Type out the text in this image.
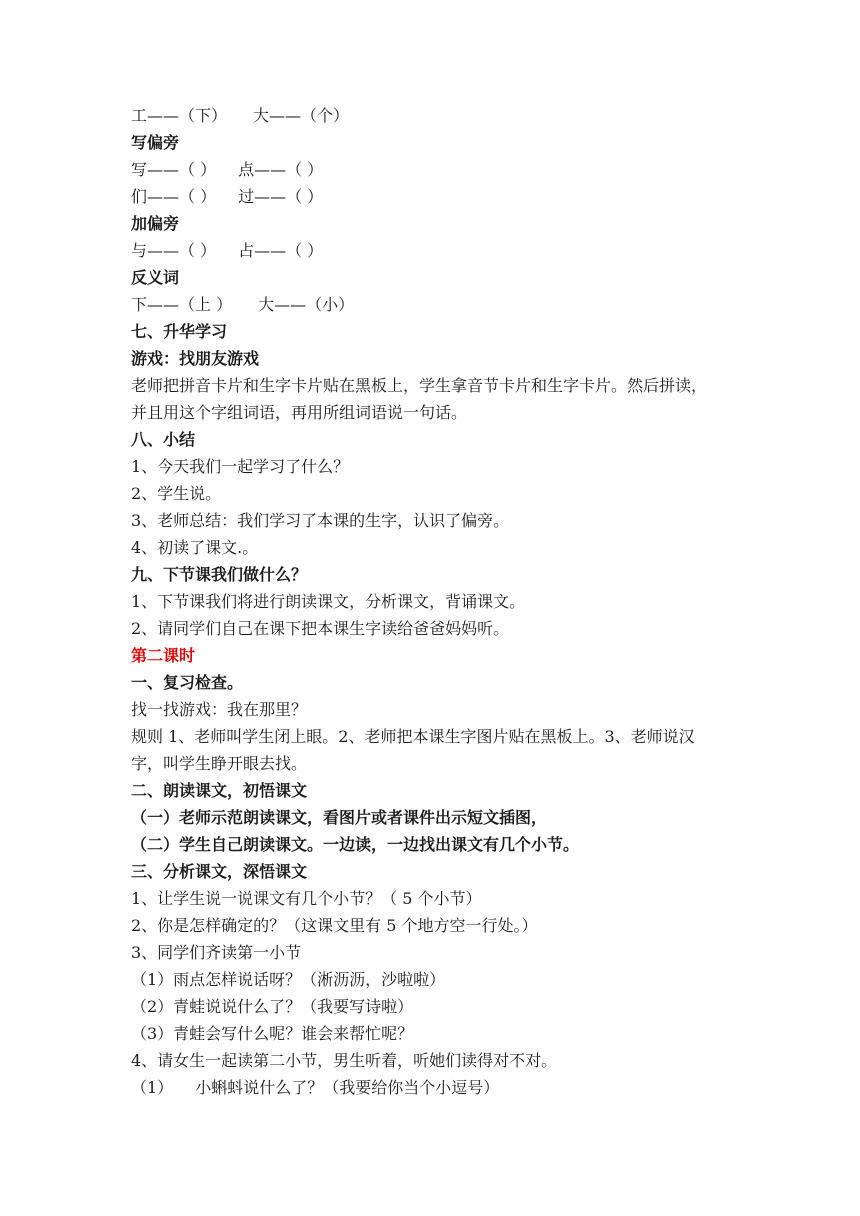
工——（下） 大——（个）
写偏旁
写——（ ） 点——（ ）
们——（ ） 过——（ ）
加偏旁
与——（ ） 占——（ ）
反义词
下——（上 ） 大——（小）
七、升华学习
游戏：找朋友游戏
老师把拼音卡片和生字卡片贴在黑板上，学生拿音节卡片和生字卡片。然后拼读，
并且用这个字组词语，再用所组词语说一句话。
八、小结
1、今天我们一起学习了什么？
2、学生说。
3、老师总结：我们学习了本课的生字，认识了偏旁。
4、初读了课文.。
九、下节课我们做什么？
1、下节课我们将进行朗读课文，分析课文，背诵课文。
2、请同学们自己在课下把本课生字读给爸爸妈妈听。
第二课时
一、复习检查。
找一找游戏：我在那里？
规则 1、老师叫学生闭上眼。2、老师把本课生字图片贴在黑板上。3、老师说汉
字，叫学生睁开眼去找。
二、朗读课文，初悟课文
（一）老师示范朗读课文，看图片或者课件出示短文插图，
（二）学生自己朗读课文。一边读，一边找出课文有几个小节。
三、分析课文，深悟课文
1、让学生说一说课文有几个小节？（ 5 个小节）
2、你是怎样确定的？（这课文里有 5 个地方空一行处。）
3、同学们齐读第一小节
（1）雨点怎样说话呀？（淅沥沥，沙啦啦）
（2）青蛙说说什么了？（我要写诗啦）
（3）青蛙会写什么呢？谁会来帮忙呢？
4、请女生一起读第二小节，男生听着，听她们读得对不对。
（1） 小蝌蚪说什么了？（我要给你当个小逗号）
